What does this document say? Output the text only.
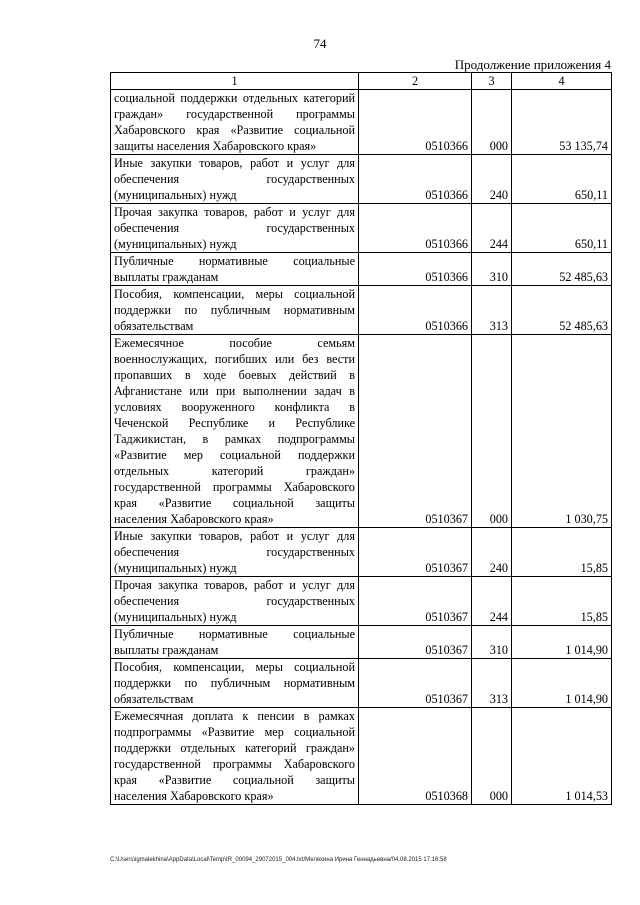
74
Продолжение приложения 4
1	2	3	4
социальной поддержки отдельных категорий граждан» государственной программы Хабаровского края «Развитие социальной защиты населения Хабаровского края»	0510366	000	53 135,74
Иные закупки товаров, работ и услуг для обеспечения государственных (муниципальных) нужд	0510366	240	650,11
Прочая закупка товаров, работ и услуг для обеспечения государственных (муниципальных) нужд	0510366	244	650,11
Публичные нормативные социальные выплаты гражданам	0510366	310	52 485,63
Пособия, компенсации, меры социальной поддержки по публичным нормативным обязательствам	0510366	313	52 485,63
Ежемесячное пособие семьям военнослужащих, погибших или без вести пропавших в ходе боевых действий в Афганистане или при выполнении задач в условиях вооруженного конфликта в Чеченской Республике и Республике Таджикистан, в рамках подпрограммы «Развитие мер социальной поддержки отдельных категорий граждан» государственной программы Хабаровского края «Развитие социальной защиты населения Хабаровского края»	0510367	000	1 030,75
Иные закупки товаров, работ и услуг для обеспечения государственных (муниципальных) нужд	0510367	240	15,85
Прочая закупка товаров, работ и услуг для обеспечения государственных (муниципальных) нужд	0510367	244	15,85
Публичные нормативные социальные выплаты гражданам	0510367	310	1 014,90
Пособия, компенсации, меры социальной поддержки по публичным нормативным обязательствам	0510367	313	1 014,90
Ежемесячная доплата к пенсии в рамках подпрограммы «Развитие мер социальной поддержки отдельных категорий граждан» государственной программы Хабаровского края «Развитие социальной защиты населения Хабаровского края»	0510368	000	1 014,53
C:\Users\igmalekhina\AppData\Local\Temp\IR_00094_29072015_004.txt/Мелехина Ирина Геннадьевна/04.08.2015 17:16:58
